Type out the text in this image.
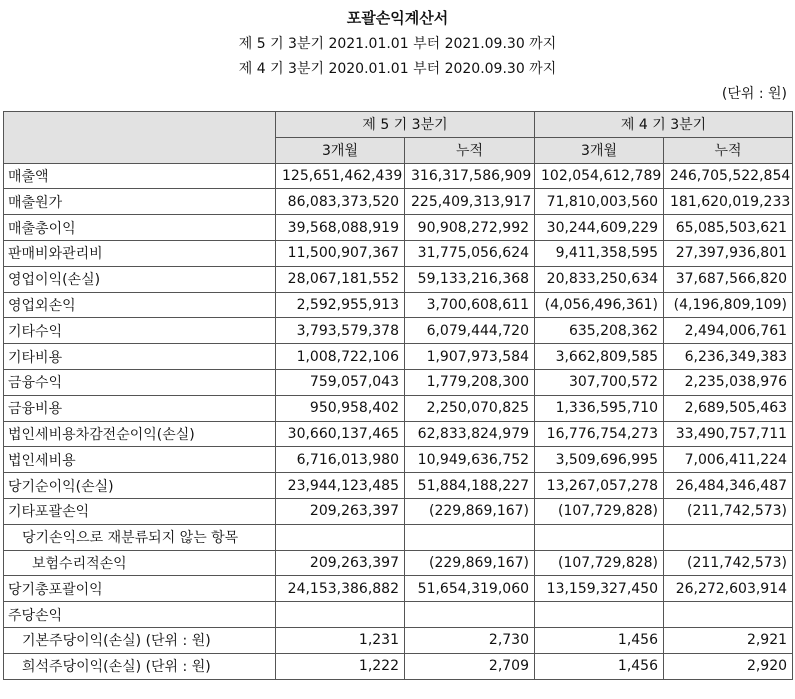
포괄손익계산서
제 5 기 3분기 2021.01.01 부터 2021.09.30 까지
제 4 기 3분기 2020.01.01 부터 2020.09.30 까지
(단위 : 원)
	제 5 기 3분기		제 4 기 3분기	
	3개월	누적	3개월	누적
매출액	125,651,462,439	316,317,586,909	102,054,612,789	246,705,522,854
매출원가	86,083,373,520	225,409,313,917	71,810,003,560	181,620,019,233
매출총이익	39,568,088,919	90,908,272,992	30,244,609,229	65,085,503,621
판매비와관리비	11,500,907,367	31,775,056,624	9,411,358,595	27,397,936,801
영업이익(손실)	28,067,181,552	59,133,216,368	20,833,250,634	37,687,566,820
영업외손익	2,592,955,913	3,700,608,611	(4,056,496,361)	(4,196,809,109)
기타수익	3,793,579,378	6,079,444,720	635,208,362	2,494,006,761
기타비용	1,008,722,106	1,907,973,584	3,662,809,585	6,236,349,383
금융수익	759,057,043	1,779,208,300	307,700,572	2,235,038,976
금융비용	950,958,402	2,250,070,825	1,336,595,710	2,689,505,463
법인세비용차감전순이익(손실)	30,660,137,465	62,833,824,979	16,776,754,273	33,490,757,711
법인세비용	6,716,013,980	10,949,636,752	3,509,696,995	7,006,411,224
당기순이익(손실)	23,944,123,485	51,884,188,227	13,267,057,278	26,484,346,487
기타포괄손익	209,263,397	(229,869,167)	(107,729,828)	(211,742,573)
당기손익으로 재분류되지 않는 항목				
보험수리적손익	209,263,397	(229,869,167)	(107,729,828)	(211,742,573)
당기총포괄이익	24,153,386,882	51,654,319,060	13,159,327,450	26,272,603,914
주당손익				
기본주당이익(손실) (단위 : 원)	1,231	2,730	1,456	2,921
희석주당이익(손실) (단위 : 원)	1,222	2,709	1,456	2,920
